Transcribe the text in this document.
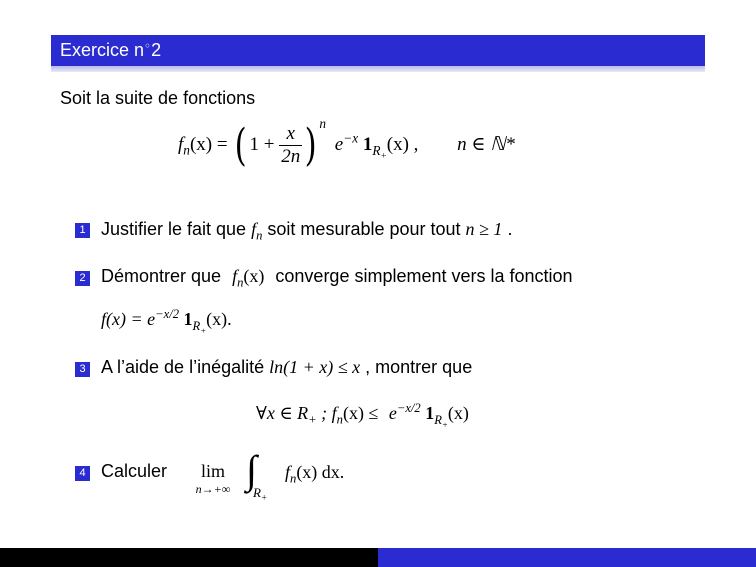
Exercice n◦2
Soit la suite de fonctions
$f_n(x)$ = ( $1 + \frac{x}{2n}$ ) $^n$ $e^{-x}$ $1_{R_+}(x)$ , n ∈ ℕ*
1 Justifier le fait que $f_n$ soit mesurable pour tout n ≥ 1 .
2 Démontrer que $f_n(x)$ converge simplement vers la fonction
$f(x) = e^{-x/2}$ $1_{R_+}(x)$.
3 A l’aide de l’inégalité ln(1 + x) ≤ x , montrer que
∀x ∈ $R_+$ ; $f_n(x) \le e^{-x/2}$ $1_{R_+}(x)$
4 Calculer	lim
n→+∞ ∫
$R_+$
$f_n(x)$ dx.
